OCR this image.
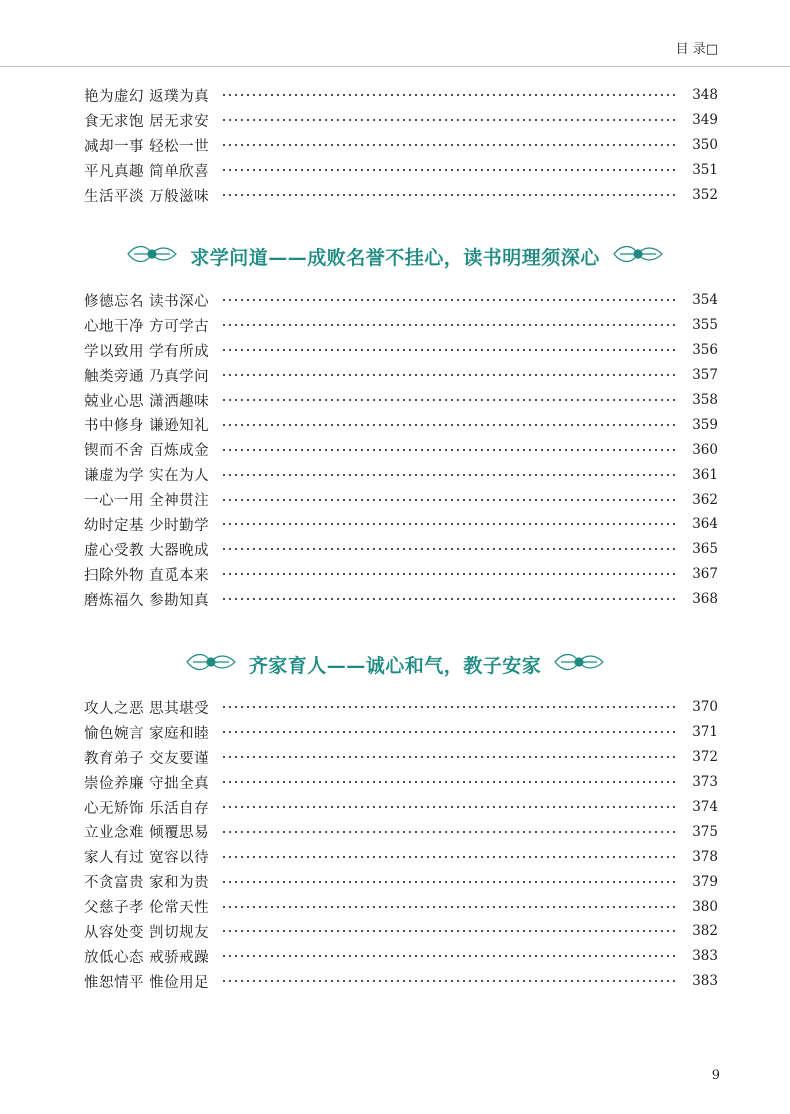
目 录□
艳为虚幻 返璞为真	348
食无求饱 居无求安	349
减却一事 轻松一世	350
平凡真趣 简单欣喜	351
生活平淡 万般滋味	352
求学问道——成败名誉不挂心，读书明理须深心
修德忘名 读书深心	354
心地干净 方可学古	355
学以致用 学有所成	356
触类旁通 乃真学问	357
兢业心思 潇洒趣味	358
书中修身 谦逊知礼	359
锲而不舍 百炼成金	360
谦虚为学 实在为人	361
一心一用 全神贯注	362
幼时定基 少时勤学	364
虚心受教 大器晚成	365
扫除外物 直觅本来	367
磨炼福久 参勘知真	368
齐家育人——诚心和气，教子安家
攻人之恶 思其堪受	370
愉色婉言 家庭和睦	371
教育弟子 交友要谨	372
崇俭养廉 守拙全真	373
心无矫饰 乐活自存	374
立业念难 倾覆思易	375
家人有过 宽容以待	378
不贪富贵 家和为贵	379
父慈子孝 伦常天性	380
从容处变 剀切规友	382
放低心态 戒骄戒躁	383
惟恕情平 惟俭用足	383
9
